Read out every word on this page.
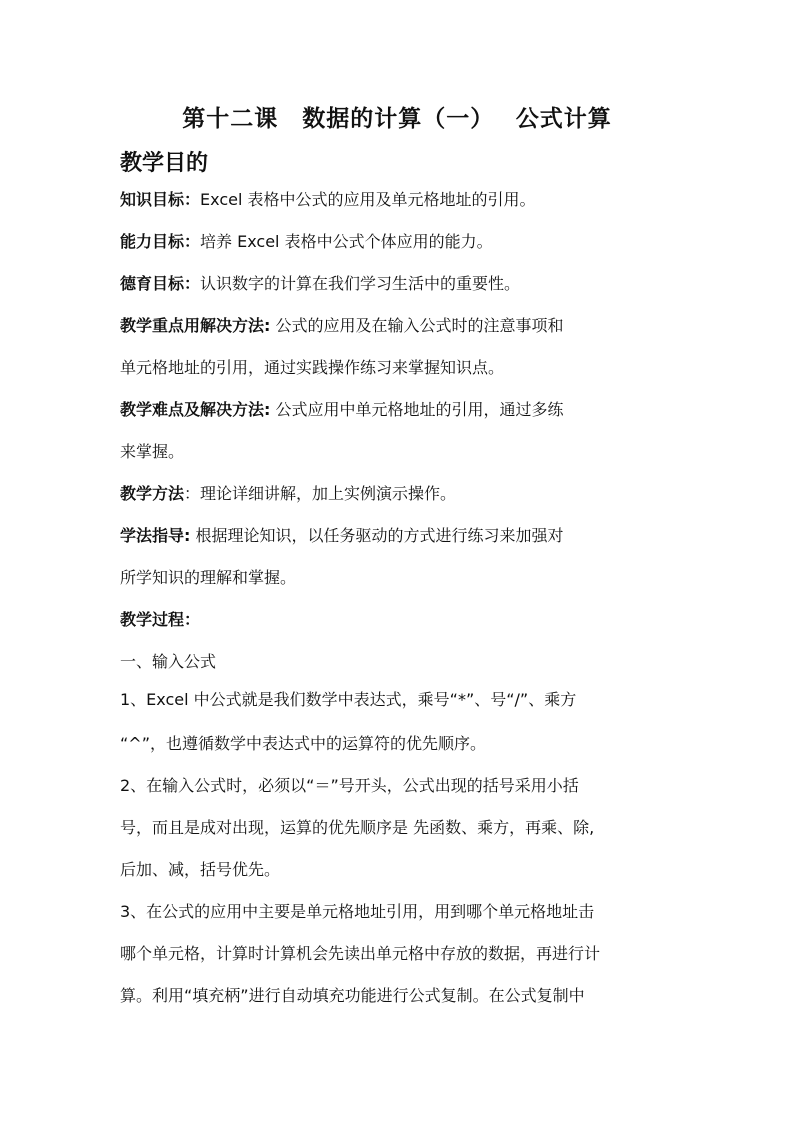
第十二课　数据的计算（一）　 公式计算
教学目的
知识目标：Excel 表格中公式的应用及单元格地址的引用。
能力目标：培养 Excel 表格中公式个体应用的能力。
德育目标：认识数字的计算在我们学习生活中的重要性。
教学重点用解决方法: 公式的应用及在输入公式时的注意事项和
单元格地址的引用，通过实践操作练习来掌握知识点。
教学难点及解决方法: 公式应用中单元格地址的引用，通过多练
来掌握。
教学方法：理论详细讲解，加上实例演示操作。
学法指导: 根据理论知识，以任务驱动的方式进行练习来加强对
所学知识的理解和掌握。
教学过程：
一、输入公式
1、Excel 中公式就是我们数学中表达式，乘号“*”、号“/”、乘方
“^”，也遵循数学中表达式中的运算符的优先顺序。
2、在输入公式时，必须以“＝”号开头，公式出现的括号采用小括
号，而且是成对出现，运算的优先顺序是 先函数、乘方，再乘、除,
后加、减，括号优先。
3、在公式的应用中主要是单元格地址引用，用到哪个单元格地址击
哪个单元格，计算时计算机会先读出单元格中存放的数据，再进行计
算。利用“填充柄”进行自动填充功能进行公式复制。在公式复制中
